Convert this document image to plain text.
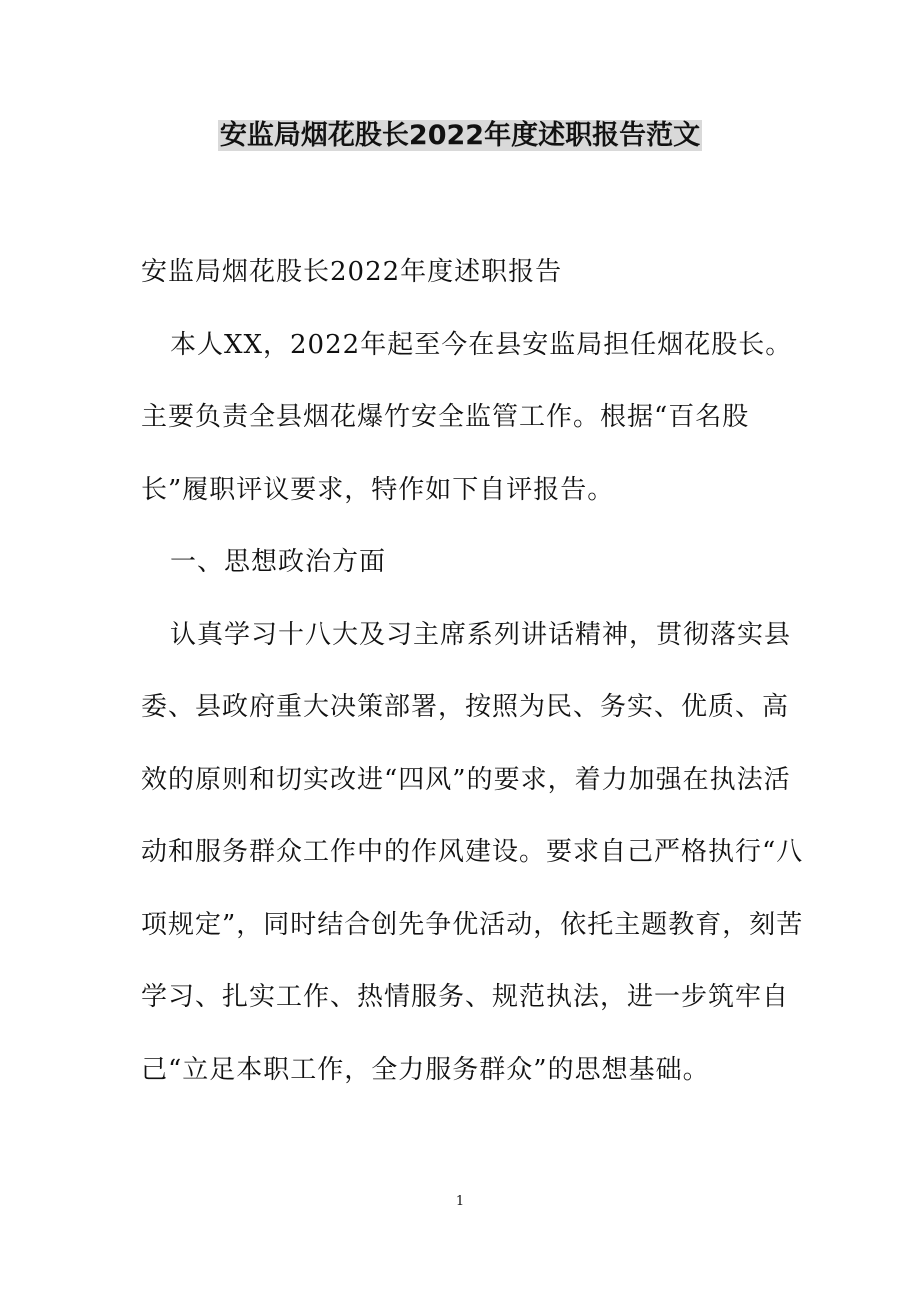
安监局烟花股长2022年度述职报告范文

安监局烟花股长2022年度述职报告

本人XX，2022年起至今在县安监局担任烟花股长。主要负责全县烟花爆竹安全监管工作。根据“百名股长”履职评议要求，特作如下自评报告。

一、思想政治方面

认真学习十八大及习主席系列讲话精神，贯彻落实县委、县政府重大决策部署，按照为民、务实、优质、高效的原则和切实改进“四风”的要求，着力加强在执法活动和服务群众工作中的作风建设。要求自己严格执行“八项规定”，同时结合创先争优活动，依托主题教育，刻苦学习、扎实工作、热情服务、规范执法，进一步筑牢自己“立足本职工作，全力服务群众”的思想基础。

1
